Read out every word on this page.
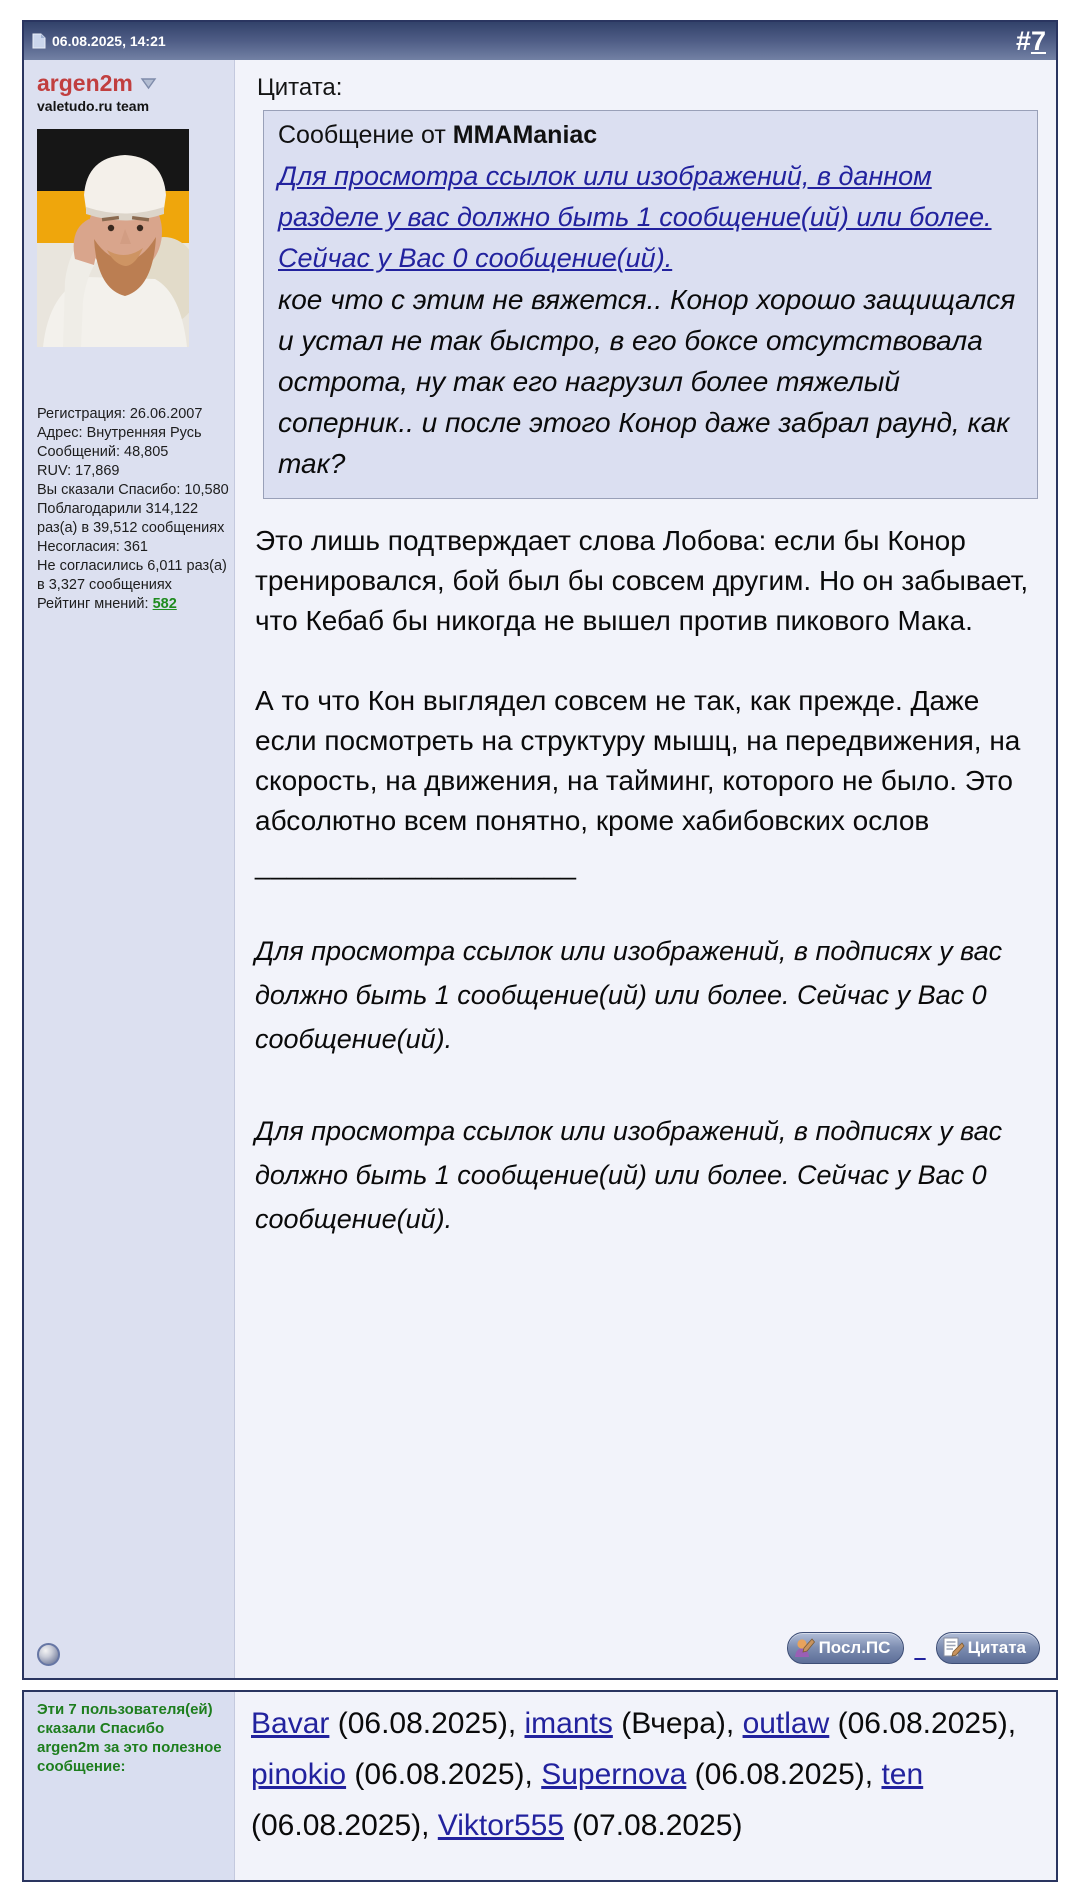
06.08.2025, 14:21	#7
argen2m
valetudo.ru team
Регистрация: 26.06.2007
Адрес: Внутренняя Русь
Сообщений: 48,805
RUV: 17,869
Вы сказали Спасибо: 10,580
Поблагодарили 314,122 раз(а) в 39,512 сообщениях
Несогласия: 361
Не согласились 6,011 раз(а) в 3,327 сообщениях
Рейтинг мнений: 582
Цитата:
Сообщение от MMAManiac
Для просмотра ссылок или изображений, в данном разделе у вас должно быть 1 сообщение(ий) или более. Сейчас у Вас 0 сообщение(ий).
кое что с этим не вяжется.. Конор хорошо защищался и устал не так быстро, в его боксе отсутствовала острота, ну так его нагрузил более тяжелый соперник.. и после этого Конор даже забрал раунд, как так?

Это лишь подтверждает слова Лобова: если бы Конор тренировался, бой был бы совсем другим. Но он забывает, что Кебаб бы никогда не вышел против пикового Мака.

А то что Кон выглядел совсем не так, как прежде. Даже если посмотреть на структуру мышц, на передвижения, на скорость, на движения, на тайминг, которого не было. Это абсолютно всем понятно, кроме хабибовских ослов

____________________
Для просмотра ссылок или изображений, в подписях у вас должно быть 1 сообщение(ий) или более. Сейчас у Вас 0 сообщение(ий).
Для просмотра ссылок или изображений, в подписях у вас должно быть 1 сообщение(ий) или более. Сейчас у Вас 0 сообщение(ий).
Посл.ПС _ Цитата
Эти 7 пользователя(ей) сказали Спасибо argen2m за это полезное сообщение:
Bavar (06.08.2025), imants (Вчера), outlaw (06.08.2025), pinokio (06.08.2025), Supernova (06.08.2025), ten (06.08.2025), Viktor555 (07.08.2025)
